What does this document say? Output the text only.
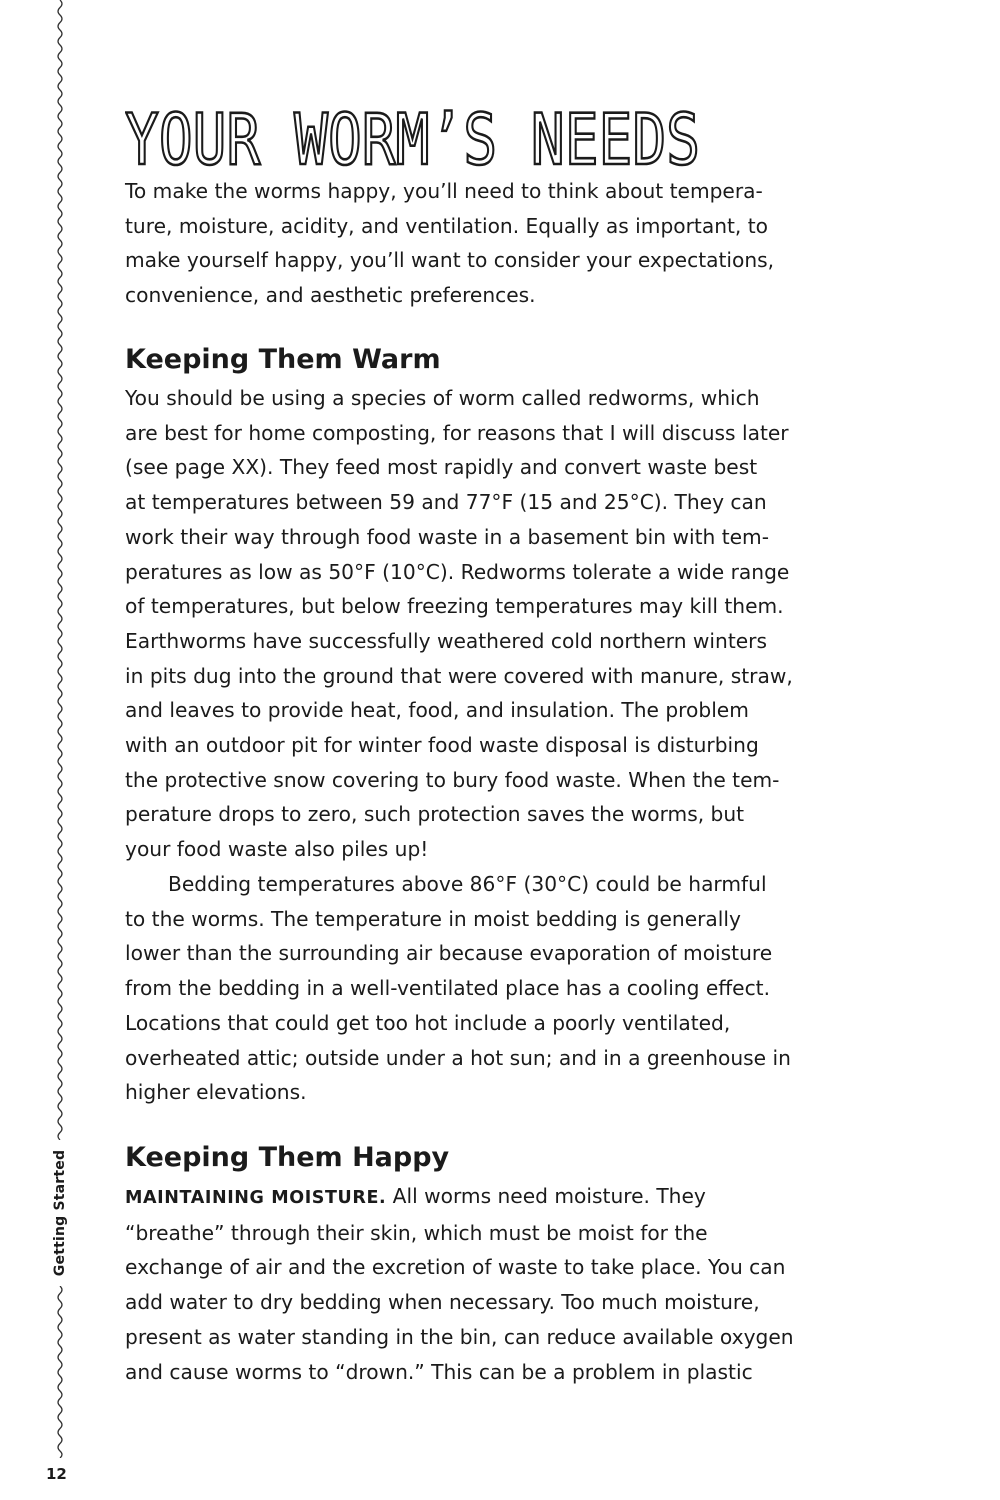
Getting Started
12
YOUR WORM’S NEEDS
To make the worms happy, you’ll need to think about tempera-
ture, moisture, acidity, and ventilation. Equally as important, to
make yourself happy, you’ll want to consider your expectations,
convenience, and aesthetic preferences.
Keeping Them Warm
You should be using a species of worm called redworms, which
are best for home composting, for reasons that I will discuss later
(see page XX). They feed most rapidly and convert waste best
at temperatures between 59 and 77°F (15 and 25°C). They can
work their way through food waste in a basement bin with tem-
peratures as low as 50°F (10°C). Redworms tolerate a wide range
of temperatures, but below freezing temperatures may kill them.
Earthworms have successfully weathered cold northern winters
in pits dug into the ground that were covered with manure, straw,
and leaves to provide heat, food, and insulation. The problem
with an outdoor pit for winter food waste disposal is disturbing
the protective snow covering to bury food waste. When the tem-
perature drops to zero, such protection saves the worms, but
your food waste also piles up!
Bedding temperatures above 86°F (30°C) could be harmful
to the worms. The temperature in moist bedding is generally
lower than the surrounding air because evaporation of moisture
from the bedding in a well-ventilated place has a cooling effect.
Locations that could get too hot include a poorly ventilated,
overheated attic; outside under a hot sun; and in a greenhouse in
higher elevations.
Keeping Them Happy
MAINTAINING MOISTURE. All worms need moisture. They
“breathe” through their skin, which must be moist for the
exchange of air and the excretion of waste to take place. You can
add water to dry bedding when necessary. Too much moisture,
present as water standing in the bin, can reduce available oxygen
and cause worms to “drown.” This can be a problem in plastic
